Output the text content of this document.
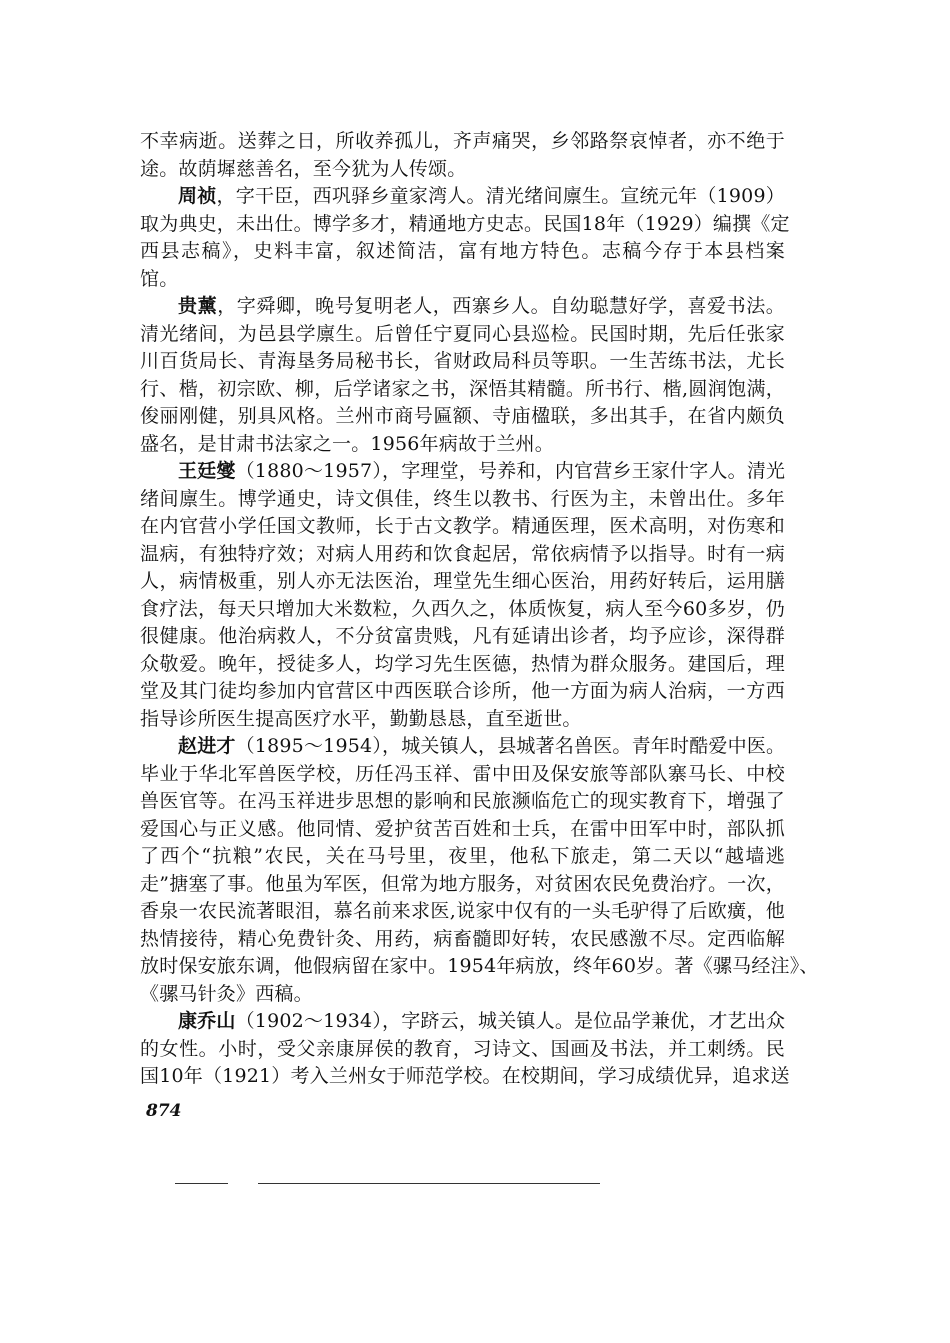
不幸病逝。送葬之日，所收养孤儿，齐声痛哭，乡邻路祭哀悼者，亦不绝于
途。故荫墀慈善名，至今犹为人传颂。
周祯，字干臣，西巩驿乡童家湾人。清光绪间廪生。宣统元年（1909）
取为典史，未出仕。博学多才，精通地方史志。民国18年（1929）编撰《定
西县志稿》，史料丰富，叙述简洁，富有地方特色。志稿今存于本县档案
馆。
贵薰，字舜卿，晚号复明老人，西寨乡人。自幼聪慧好学，喜爱书法。
清光绪间，为邑县学廪生。后曾任宁夏同心县巡检。民国时期，先后任张家
川百货局长、青海垦务局秘书长，省财政局科员等职。一生苦练书法，尤长
行、楷，初宗欧、柳，后学诸家之书，深悟其精髓。所书行、楷,圆润饱满，
俊丽刚健，别具风格。兰州市商号匾额、寺庙楹联，多出其手，在省内颇负
盛名，是甘肃书法家之一。1956年病故于兰州。
王廷燮（1880～1957），字理堂，号养和，内官营乡王家什字人。清光
绪间廪生。博学通史，诗文俱佳，终生以教书、行医为主，未曾出仕。多年
在内官营小学任国文教师，长于古文教学。精通医理，医术高明，对伤寒和
温病，有独特疗效；对病人用药和饮食起居，常依病情予以指导。时有一病
人，病情极重，别人亦无法医治，理堂先生细心医治，用药好转后，运用膳
食疗法，每天只增加大米数粒，久西久之，体质恢复，病人至今60多岁，仍
很健康。他治病救人，不分贫富贵贱，凡有延请出诊者，均予应诊，深得群
众敬爱。晚年，授徒多人，均学习先生医德，热情为群众服务。建国后，理
堂及其门徒均参加内官营区中西医联合诊所，他一方面为病人治病，一方西
指导诊所医生提高医疗水平，勤勤恳恳，直至逝世。
赵进才（1895～1954），城关镇人，县城著名兽医。青年时酷爱中医。
毕业于华北军兽医学校，历任冯玉祥、雷中田及保安旅等部队寨马长、中校
兽医官等。在冯玉祥进步思想的影响和民旅濒临危亡的现实教育下，增强了
爱国心与正义感。他同情、爱护贫苦百姓和士兵，在雷中田军中时，部队抓
了西个“抗粮”农民，关在马号里，夜里，他私下旅走，第二天以“越墙逃
走”搪塞了事。他虽为军医，但常为地方服务，对贫困农民免费治疗。一次，
香泉一农民流著眼泪，慕名前来求医,说家中仅有的一头毛驴得了后欧癀，他
热情接待，精心免费针灸、用药，病畜髓即好转，农民感激不尽。定西临解
放时保安旅东调，他假病留在家中。1954年病放，终年60岁。著《骡马经注》、
《骡马针灸》西稿。
康乔山（1902～1934），字跻云，城关镇人。是位品学兼优，才艺出众
的女性。小时，受父亲康屏侯的教育，习诗文、国画及书法，并工刺绣。民
国10年（1921）考入兰州女于师范学校。在校期间，学习成绩优异，追求送
874
